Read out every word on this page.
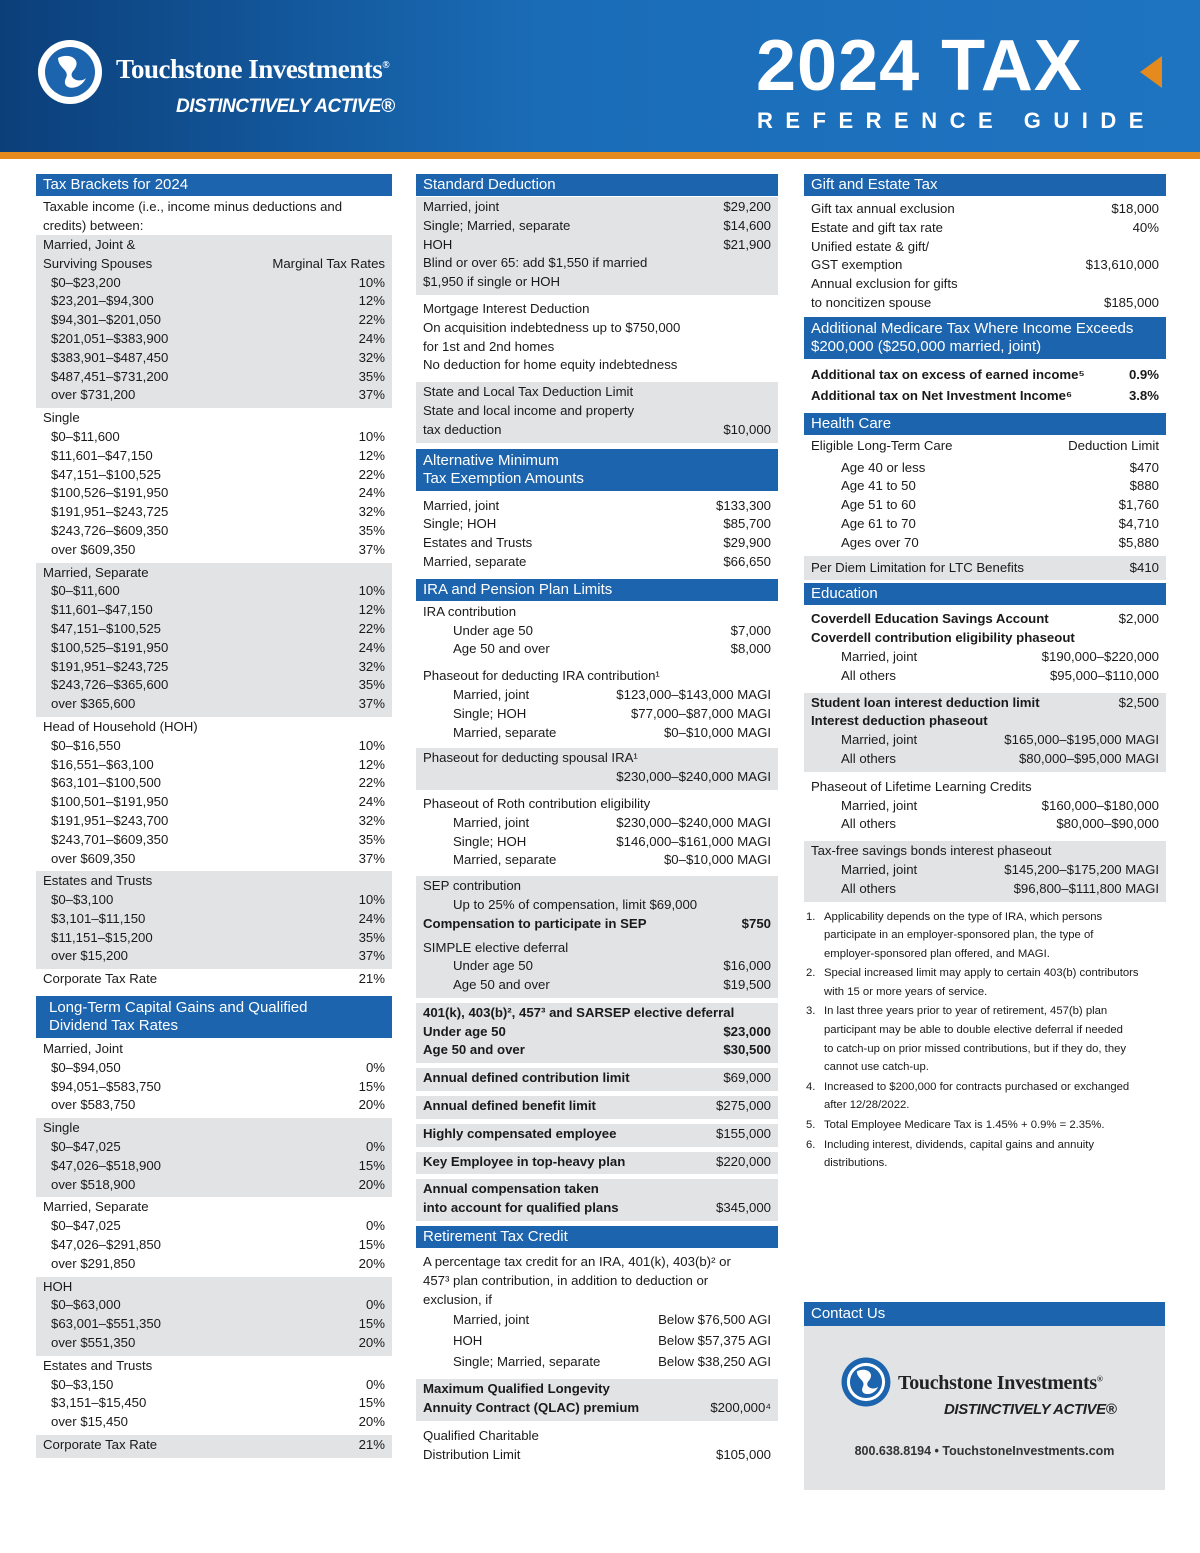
Touchstone Investments®
DISTINCTIVELY ACTIVE®
2024 TAX
REFERENCE GUIDE
Tax Brackets for 2024
Taxable income (i.e., income minus deductions and credits) between:
Married, Joint &
Surviving Spouses	Marginal Tax Rates
$0–$23,200	10%
$23,201–$94,300	12%
$94,301–$201,050	22%
$201,051–$383,900	24%
$383,901–$487,450	32%
$487,451–$731,200	35%
over $731,200	37%
Single
$0–$11,600	10%
$11,601–$47,150	12%
$47,151–$100,525	22%
$100,526–$191,950	24%
$191,951–$243,725	32%
$243,726–$609,350	35%
over $609,350	37%
Married, Separate
$0–$11,600	10%
$11,601–$47,150	12%
$47,151–$100,525	22%
$100,525–$191,950	24%
$191,951–$243,725	32%
$243,726–$365,600	35%
over $365,600	37%
Head of Household (HOH)
$0–$16,550	10%
$16,551–$63,100	12%
$63,101–$100,500	22%
$100,501–$191,950	24%
$191,951–$243,700	32%
$243,701–$609,350	35%
over $609,350	37%
Estates and Trusts
$0–$3,100	10%
$3,101–$11,150	24%
$11,151–$15,200	35%
over $15,200	37%
Corporate Tax Rate	21%
Long-Term Capital Gains and Qualified
Dividend Tax Rates
Married, Joint
$0–$94,050	0%
$94,051–$583,750	15%
over $583,750	20%
Single
$0–$47,025	0%
$47,026–$518,900	15%
over $518,900	20%
Married, Separate
$0–$47,025	0%
$47,026–$291,850	15%
over $291,850	20%
HOH
$0–$63,000	0%
$63,001–$551,350	15%
over $551,350	20%
Estates and Trusts
$0–$3,150	0%
$3,151–$15,450	15%
over $15,450	20%
Corporate Tax Rate	21%
Standard Deduction
Married, joint	$29,200
Single; Married, separate	$14,600
HOH	$21,900
Blind or over 65: add $1,550 if married
$1,950 if single or HOH
Mortgage Interest Deduction
On acquisition indebtedness up to $750,000
for 1st and 2nd homes
No deduction for home equity indebtedness
State and Local Tax Deduction Limit
State and local income and property
tax deduction	$10,000
Alternative Minimum
Tax Exemption Amounts
Married, joint	$133,300
Single; HOH	$85,700
Estates and Trusts	$29,900
Married, separate	$66,650
IRA and Pension Plan Limits
IRA contribution
Under age 50	$7,000
Age 50 and over	$8,000
Phaseout for deducting IRA contribution¹
Married, joint	$123,000–$143,000 MAGI
Single; HOH	$77,000–$87,000 MAGI
Married, separate	$0–$10,000 MAGI
Phaseout for deducting spousal IRA¹
$230,000–$240,000 MAGI
Phaseout of Roth contribution eligibility
Married, joint	$230,000–$240,000 MAGI
Single; HOH	$146,000–$161,000 MAGI
Married, separate	$0–$10,000 MAGI
SEP contribution
Up to 25% of compensation, limit $69,000
Compensation to participate in SEP	$750
SIMPLE elective deferral
Under age 50	$16,000
Age 50 and over	$19,500
401(k), 403(b)², 457³ and SARSEP elective deferral
Under age 50	$23,000
Age 50 and over	$30,500
Annual defined contribution limit	$69,000
Annual defined benefit limit	$275,000
Highly compensated employee	$155,000
Key Employee in top-heavy plan	$220,000
Annual compensation taken
into account for qualified plans	$345,000
Retirement Tax Credit
A percentage tax credit for an IRA, 401(k), 403(b)² or
457³ plan contribution, in addition to deduction or
exclusion, if
Married, joint	Below $76,500 AGI
HOH	Below $57,375 AGI
Single; Married, separate	Below $38,250 AGI
Maximum Qualified Longevity
Annuity Contract (QLAC) premium	$200,000⁴
Qualified Charitable
Distribution Limit	$105,000
Gift and Estate Tax
Gift tax annual exclusion	$18,000
Estate and gift tax rate	40%
Unified estate & gift/
GST exemption	$13,610,000
Annual exclusion for gifts
to noncitizen spouse	$185,000
Additional Medicare Tax Where Income Exceeds
$200,000 ($250,000 married, joint)
Additional tax on excess of earned income⁵	0.9%
Additional tax on Net Investment Income⁶	3.8%
Health Care
Eligible Long-Term Care	Deduction Limit
Age 40 or less	$470
Age 41 to 50	$880
Age 51 to 60	$1,760
Age 61 to 70	$4,710
Ages over 70	$5,880
Per Diem Limitation for LTC Benefits	$410
Education
Coverdell Education Savings Account	$2,000
Coverdell contribution eligibility phaseout
Married, joint	$190,000–$220,000
All others	$95,000–$110,000
Student loan interest deduction limit	$2,500
Interest deduction phaseout
Married, joint	$165,000–$195,000 MAGI
All others	$80,000–$95,000 MAGI
Phaseout of Lifetime Learning Credits
Married, joint	$160,000–$180,000
All others	$80,000–$90,000
Tax-free savings bonds interest phaseout
Married, joint	$145,200–$175,200 MAGI
All others	$96,800–$111,800 MAGI
1. Applicability depends on the type of IRA, which persons
participate in an employer-sponsored plan, the type of
employer-sponsored plan offered, and MAGI.
2. Special increased limit may apply to certain 403(b) contributors
with 15 or more years of service.
3. In last three years prior to year of retirement, 457(b) plan
participant may be able to double elective deferral if needed
to catch-up on prior missed contributions, but if they do, they
cannot use catch-up.
4. Increased to $200,000 for contracts purchased or exchanged
after 12/28/2022.
5. Total Employee Medicare Tax is 1.45% + 0.9% = 2.35%.
6. Including interest, dividends, capital gains and annuity
distributions.
Contact Us
Touchstone Investments®
DISTINCTIVELY ACTIVE®
800.638.8194 • TouchstoneInvestments.com
